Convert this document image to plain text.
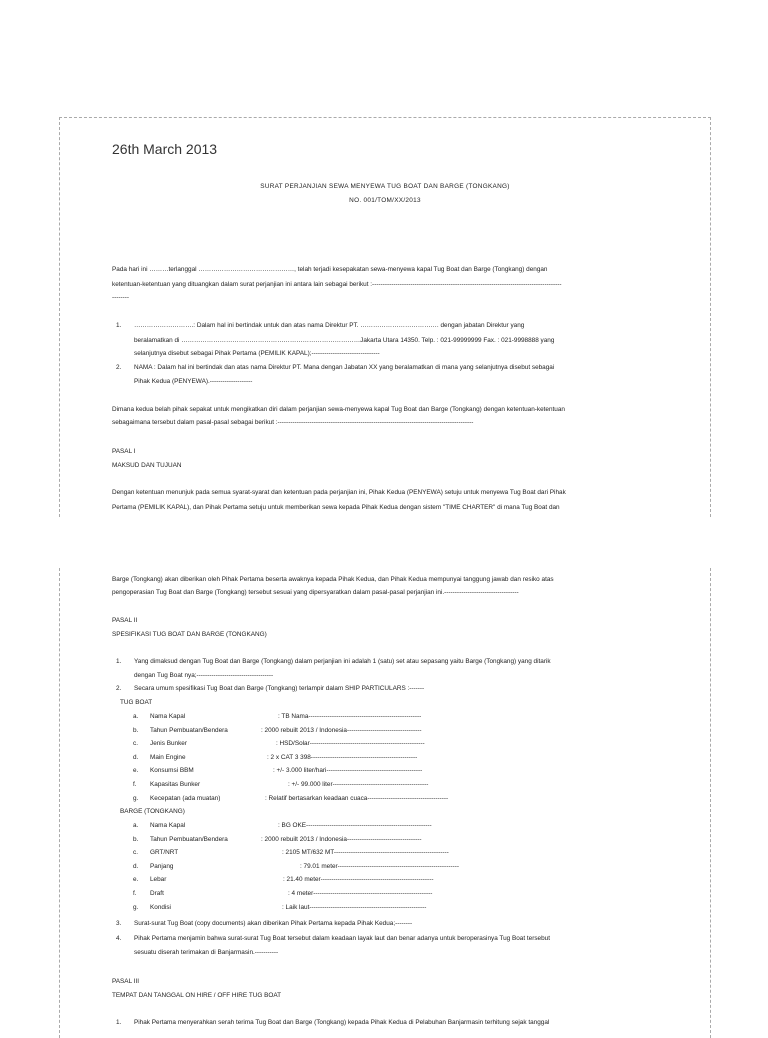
26th March 2013
SURAT PERJANJIAN SEWA MENYEWA TUG BOAT DAN BARGE (TONGKANG)
NO. 001/TOM/XX/2013
Pada hari ini ………terlanggal ………………………………………, telah terjadi kesepakatan sewa-menyewa kapal Tug Boat dan Barge (Tongkang) dengan
ketentuan-ketentuan yang dituangkan dalam surat perjanjian ini antara lain sebagai berikut :-----------------------------------------------------------------------------------------
--------
1. ……………………….: Dalam hal ini bertindak untuk dan atas nama Direktur PT. ………………………………. dengan jabatan Direktur yang
beralamatkan di …………………………………………………………………………Jakarta Utara 14350. Telp. : 021-99999999 Fax. : 021-9998888 yang
selanjutnya disebut sebagai Pihak Pertama (PEMILIK KAPAL);--------------------------------
2. NAMA : Dalam hal ini bertindak dan atas nama Direktur PT. Mana dengan Jabatan XX yang beralamatkan di mana yang selanjutnya disebut sebagai
Pihak Kedua (PENYEWA).--------------------
Dimana kedua belah pihak sepakat untuk mengikatkan diri dalam perjanjian sewa-menyewa kapal Tug Boat dan Barge (Tongkang) dengan ketentuan-ketentuan
sebagaimana tersebut dalam pasal-pasal sebagai berikut :--------------------------------------------------------------------------------------------
PASAL I
MAKSUD DAN TUJUAN
Dengan ketentuan menunjuk pada semua syarat-syarat dan ketentuan pada perjanjian ini, Pihak Kedua (PENYEWA) setuju untuk menyewa Tug Boat dari Pihak
Pertama (PEMILIK KAPAL), dan Pihak Pertama setuju untuk memberikan sewa kepada Pihak Kedua dengan sistem "TIME CHARTER" di mana Tug Boat dan
Barge (Tongkang) akan diberikan oleh Pihak Pertama beserta awaknya kepada Pihak Kedua, dan Pihak Kedua mempunyai tanggung jawab dan resiko atas
pengoperasian Tug Boat dan Barge (Tongkang) tersebut sesuai yang dipersyaratkan dalam pasal-pasal perjanjian ini.-----------------------------------
PASAL II
SPESIFIKASI TUG BOAT DAN BARGE (TONGKANG)
1. Yang dimaksud dengan Tug Boat dan Barge (Tongkang) dalam perjanjian ini adalah 1 (satu) set atau sepasang yaitu Barge (Tongkang) yang ditarik
dengan Tug Boat nya;------------------------------------
2. Secara umum spesifikasi Tug Boat dan Barge (Tongkang) terlampir dalam SHIP PARTICULARS :-------
TUG BOAT
BARGE (TONGKANG)
3. Surat-surat Tug Boat (copy documents) akan diberikan Pihak Pertama kepada Pihak Kedua;--------
4. Pihak Pertama menjamin bahwa surat-surat Tug Boat tersebut dalam keadaan layak laut dan benar adanya untuk beroperasinya Tug Boat tersebut
sesuatu diserah terimakan di Banjarmasin.-----------
PASAL III
TEMPAT DAN TANGGAL ON HIRE / OFF HIRE TUG BOAT
1. Pihak Pertama menyerahkan serah terima Tug Boat dan Barge (Tongkang) kepada Pihak Kedua di Pelabuhan Banjarmasin terhitung sejak tanggal
a. Nama Kapal	: TB Nama-----------------------------------------------------
b. Tahun Pembuatan/Bendera	: 2000 rebuilt 2013 / Indonesia-----------------------------------
c. Jenis Bunker	: HSD/Solar------------------------------------------------------
d. Main Engine	: 2 x CAT 3 398--------------------------------------------------
e. Konsumsi BBM	: +/- 3.000 liter/hari---------------------------------------------
f. Kapasitas Bunker	: +/- 99.000 liter---------------------------------------------
g. Kecepatan (ada muatan)	: Relatif bertasarkan keadaan cuaca--------------------------------------
a. Nama Kapal	: BG OKE-----------------------------------------------------------
b. Tahun Pembuatan/Bendera	: 2000 rebuilt 2013 / Indonesia-----------------------------------
c. GRT/NRT	: 2105 MT/632 MT------------------------------------------------------
d. Panjang	: 79.01 meter---------------------------------------------------------
e. Lebar	: 21.40 meter-----------------------------------------------------
f. Draft	: 4 meter--------------------------------------------------------
g. Kondisi	: Laik laut-------------------------------------------------------
